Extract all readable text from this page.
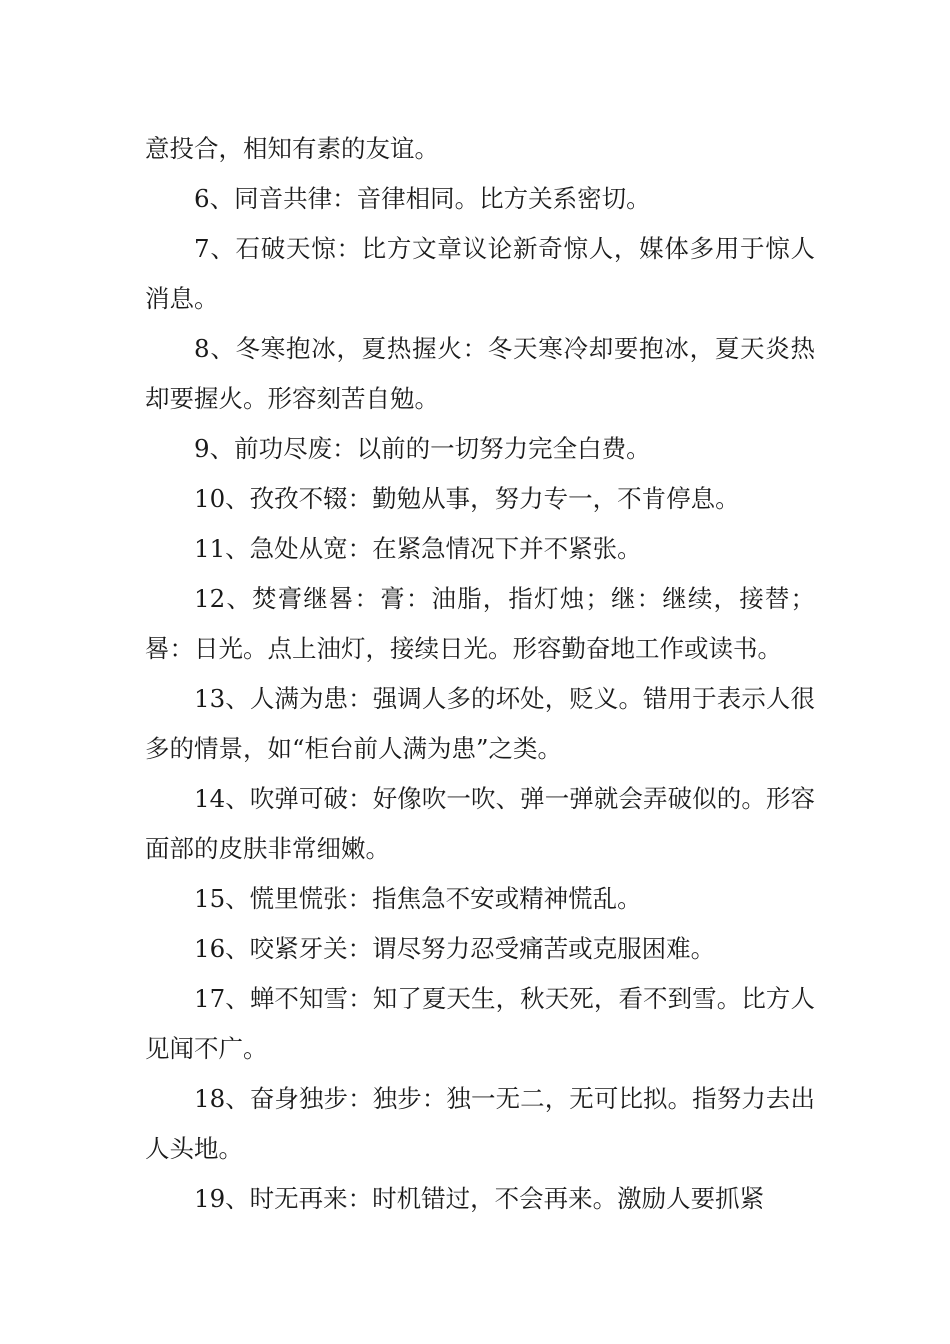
意投合，相知有素的友谊。

6、同音共律：音律相同。比方关系密切。

7、石破天惊：比方文章议论新奇惊人，媒体多用于惊人消息。

8、冬寒抱冰，夏热握火：冬天寒冷却要抱冰，夏天炎热却要握火。形容刻苦自勉。

9、前功尽废：以前的一切努力完全白费。

10、孜孜不辍：勤勉从事，努力专一，不肯停息。

11、急处从宽：在紧急情况下并不紧张。

12、焚膏继晷：膏：油脂，指灯烛；继：继续，接替；晷：日光。点上油灯，接续日光。形容勤奋地工作或读书。

13、人满为患：强调人多的坏处，贬义。错用于表示人很多的情景，如“柜台前人满为患”之类。

14、吹弹可破：好像吹一吹、弹一弹就会弄破似的。形容面部的皮肤非常细嫩。

15、慌里慌张：指焦急不安或精神慌乱。

16、咬紧牙关：谓尽努力忍受痛苦或克服困难。

17、蝉不知雪：知了夏天生，秋天死，看不到雪。比方人见闻不广。

18、奋身独步：独步：独一无二，无可比拟。指努力去出人头地。

19、时无再来：时机错过，不会再来。激励人要抓紧
